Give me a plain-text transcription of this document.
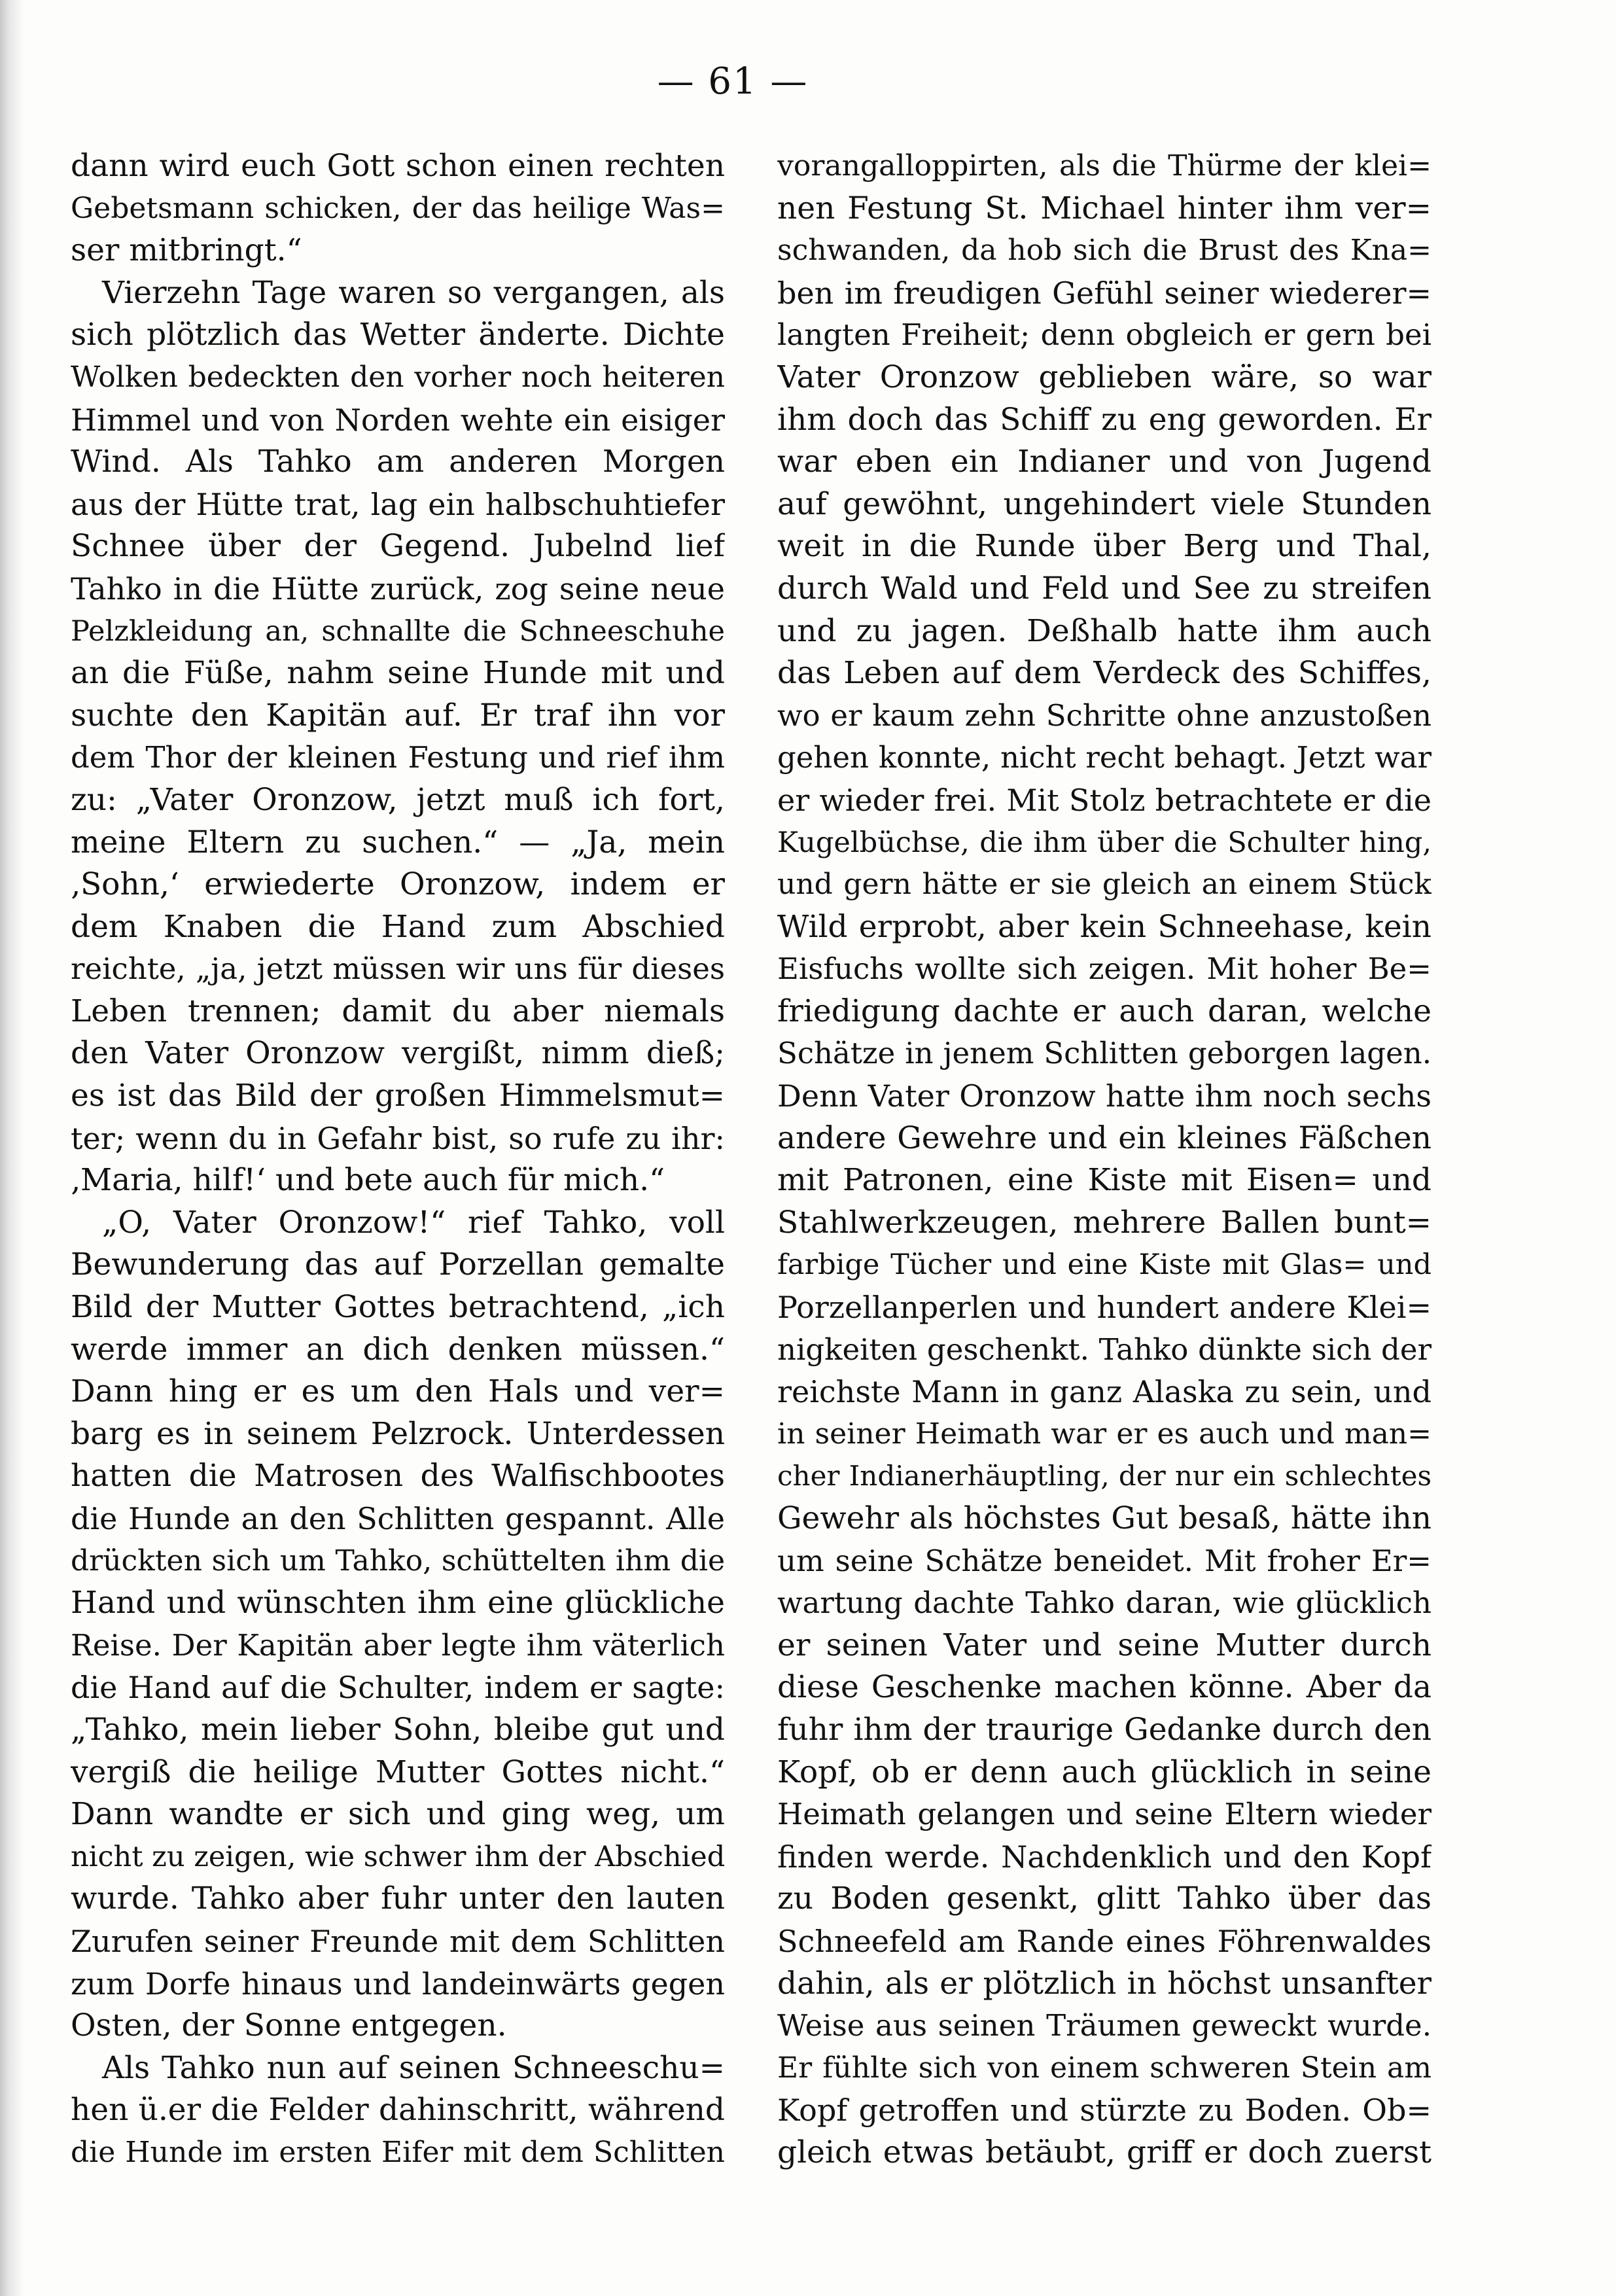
— 61 —
dann wird euch Gott schon einen rechten
Gebetsmann schicken, der das heilige Was=
ser mitbringt.“
Vierzehn Tage waren so vergangen, als
sich plötzlich das Wetter änderte. Dichte
Wolken bedeckten den vorher noch heiteren
Himmel und von Norden wehte ein eisiger
Wind. Als Tahko am anderen Morgen
aus der Hütte trat, lag ein halbschuhtiefer
Schnee über der Gegend. Jubelnd lief
Tahko in die Hütte zurück, zog seine neue
Pelzkleidung an, schnallte die Schneeschuhe
an die Füße, nahm seine Hunde mit und
suchte den Kapitän auf. Er traf ihn vor
dem Thor der kleinen Festung und rief ihm
zu: „Vater Oronzow, jetzt muß ich fort,
meine Eltern zu suchen.“ — „Ja, mein
‚Sohn,‘ erwiederte Oronzow, indem er
dem Knaben die Hand zum Abschied
reichte, „ja, jetzt müssen wir uns für dieses
Leben trennen; damit du aber niemals
den Vater Oronzow vergißt, nimm dieß;
es ist das Bild der großen Himmelsmut=
ter; wenn du in Gefahr bist, so rufe zu ihr:
‚Maria, hilf!‘ und bete auch für mich.“
„O, Vater Oronzow!“ rief Tahko, voll
Bewunderung das auf Porzellan gemalte
Bild der Mutter Gottes betrachtend, „ich
werde immer an dich denken müssen.“
Dann hing er es um den Hals und ver=
barg es in seinem Pelzrock. Unterdessen
hatten die Matrosen des Walfischbootes
die Hunde an den Schlitten gespannt. Alle
drückten sich um Tahko, schüttelten ihm die
Hand und wünschten ihm eine glückliche
Reise. Der Kapitän aber legte ihm väterlich
die Hand auf die Schulter, indem er sagte:
„Tahko, mein lieber Sohn, bleibe gut und
vergiß die heilige Mutter Gottes nicht.“
Dann wandte er sich und ging weg, um
nicht zu zeigen, wie schwer ihm der Abschied
wurde. Tahko aber fuhr unter den lauten
Zurufen seiner Freunde mit dem Schlitten
zum Dorfe hinaus und landeinwärts gegen
Osten, der Sonne entgegen.
Als Tahko nun auf seinen Schneeschu=
hen ü.er die Felder dahinschritt, während
die Hunde im ersten Eifer mit dem Schlitten
vorangalloppirten, als die Thürme der klei=
nen Festung St. Michael hinter ihm ver=
schwanden, da hob sich die Brust des Kna=
ben im freudigen Gefühl seiner wiederer=
langten Freiheit; denn obgleich er gern bei
Vater Oronzow geblieben wäre, so war
ihm doch das Schiff zu eng geworden. Er
war eben ein Indianer und von Jugend
auf gewöhnt, ungehindert viele Stunden
weit in die Runde über Berg und Thal,
durch Wald und Feld und See zu streifen
und zu jagen. Deßhalb hatte ihm auch
das Leben auf dem Verdeck des Schiffes,
wo er kaum zehn Schritte ohne anzustoßen
gehen konnte, nicht recht behagt. Jetzt war
er wieder frei. Mit Stolz betrachtete er die
Kugelbüchse, die ihm über die Schulter hing,
und gern hätte er sie gleich an einem Stück
Wild erprobt, aber kein Schneehase, kein
Eisfuchs wollte sich zeigen. Mit hoher Be=
friedigung dachte er auch daran, welche
Schätze in jenem Schlitten geborgen lagen.
Denn Vater Oronzow hatte ihm noch sechs
andere Gewehre und ein kleines Fäßchen
mit Patronen, eine Kiste mit Eisen= und
Stahlwerkzeugen, mehrere Ballen bunt=
farbige Tücher und eine Kiste mit Glas= und
Porzellanperlen und hundert andere Klei=
nigkeiten geschenkt. Tahko dünkte sich der
reichste Mann in ganz Alaska zu sein, und
in seiner Heimath war er es auch und man=
cher Indianerhäuptling, der nur ein schlechtes
Gewehr als höchstes Gut besaß, hätte ihn
um seine Schätze beneidet. Mit froher Er=
wartung dachte Tahko daran, wie glücklich
er seinen Vater und seine Mutter durch
diese Geschenke machen könne. Aber da
fuhr ihm der traurige Gedanke durch den
Kopf, ob er denn auch glücklich in seine
Heimath gelangen und seine Eltern wieder
finden werde. Nachdenklich und den Kopf
zu Boden gesenkt, glitt Tahko über das
Schneefeld am Rande eines Föhrenwaldes
dahin, als er plötzlich in höchst unsanfter
Weise aus seinen Träumen geweckt wurde.
Er fühlte sich von einem schweren Stein am
Kopf getroffen und stürzte zu Boden. Ob=
gleich etwas betäubt, griff er doch zuerst
